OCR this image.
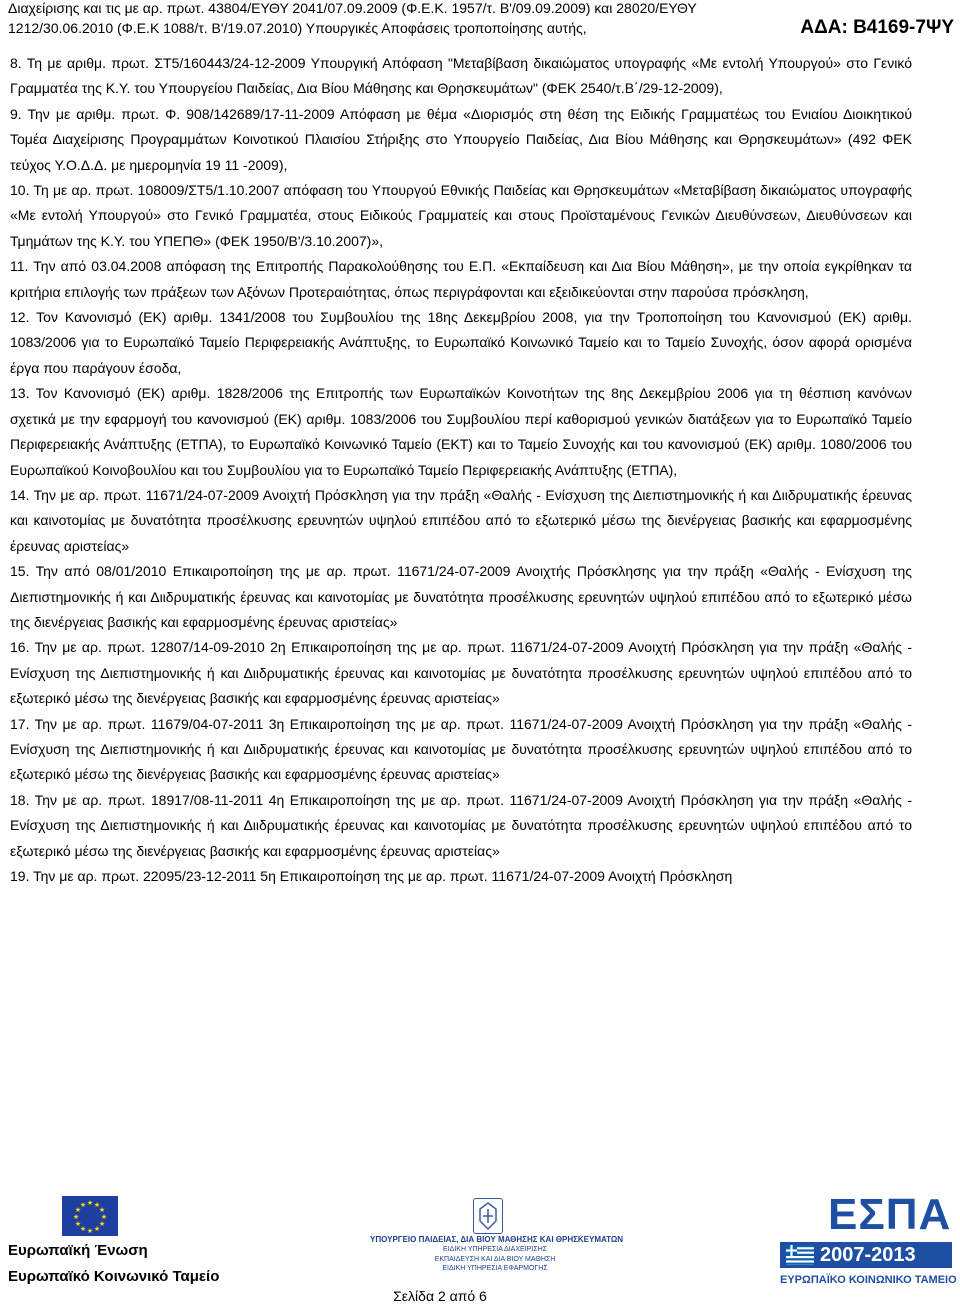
Διαχείρισης και τις με αρ. πρωτ. 43804/ΕΥΘΥ 2041/07.09.2009 (Φ.Ε.Κ. 1957/τ. Β'/09.09.2009) και 28020/ΕΥΘΥ
1212/30.06.2010 (Φ.Ε.Κ 1088/τ. Β'/19.07.2010) Υπουργικές Αποφάσεις τροποποίησης αυτής,	ΑΔΑ: Β4169-7ΨΥ

8. Τη με αριθμ. πρωτ. ΣΤ5/160443/24-12-2009 Υπουργική Απόφαση "Μεταβίβαση δικαιώματος υπογραφής «Με εντολή Υπουργού» στο Γενικό Γραμματέα της Κ.Υ. του Υπουργείου Παιδείας, Δια Βίου Μάθησης και Θρησκευμάτων" (ΦΕΚ 2540/τ.Β΄/29-12-2009),

9. Την με αριθμ. πρωτ. Φ. 908/142689/17-11-2009 Απόφαση με θέμα «Διορισμός στη θέση της Ειδικής Γραμματέως του Ενιαίου Διοικητικού Τομέα Διαχείρισης Προγραμμάτων Κοινοτικού Πλαισίου Στήριξης στο Υπουργείο Παιδείας, Δια Βίου Μάθησης και Θρησκευμάτων» (492 ΦΕΚ τεύχος Υ.Ο.Δ.Δ. με ημερομηνία 19 11 -2009),

10. Τη με αρ. πρωτ. 108009/ΣΤ5/1.10.2007 απόφαση του Υπουργού Εθνικής Παιδείας και Θρησκευμάτων «Μεταβίβαση δικαιώματος υπογραφής «Με εντολή Υπουργού» στο Γενικό Γραμματέα, στους Ειδικούς Γραμματείς και στους Προϊσταμένους Γενικών Διευθύνσεων, Διευθύνσεων και Τμημάτων της Κ.Υ. του ΥΠΕΠΘ» (ΦΕΚ 1950/Β'/3.10.2007)»,

11. Την από 03.04.2008 απόφαση της Επιτροπής Παρακολούθησης του Ε.Π. «Εκπαίδευση και Δια Βίου Μάθηση», με την οποία εγκρίθηκαν τα κριτήρια επιλογής των πράξεων των Αξόνων Προτεραιότητας, όπως περιγράφονται και εξειδικεύονται στην παρούσα πρόσκληση,

12. Τον Κανονισμό (ΕΚ) αριθμ. 1341/2008 του Συμβουλίου της 18ης Δεκεμβρίου 2008, για την Τροποποίηση του Κανονισμού (ΕΚ) αριθμ. 1083/2006 για το Ευρωπαϊκό Ταμείο Περιφερειακής Ανάπτυξης, το Ευρωπαϊκό Κοινωνικό Ταμείο και το Ταμείο Συνοχής, όσον αφορά ορισμένα έργα που παράγουν έσοδα,

13. Τον Κανονισμό (ΕΚ) αριθμ. 1828/2006 της Επιτροπής των Ευρωπαϊκών Κοινοτήτων της 8ης Δεκεμβρίου 2006 για τη θέσπιση κανόνων σχετικά με την εφαρμογή του κανονισμού (ΕΚ) αριθμ. 1083/2006 του Συμβουλίου περί καθορισμού γενικών διατάξεων για το Ευρωπαϊκό Ταμείο Περιφερειακής Ανάπτυξης (ΕΤΠΑ), το Ευρωπαϊκό Κοινωνικό Ταμείο (ΕΚΤ) και το Ταμείο Συνοχής και του κανονισμού (ΕΚ) αριθμ. 1080/2006 του Ευρωπαϊκού Κοινοβουλίου και του Συμβουλίου για το Ευρωπαϊκό Ταμείο Περιφερειακής Ανάπτυξης (ΕΤΠΑ),

14. Την με αρ. πρωτ. 11671/24-07-2009 Ανοιχτή Πρόσκληση για την πράξη «Θαλής - Ενίσχυση της Διεπιστημονικής ή και Διιδρυματικής έρευνας και καινοτομίας με δυνατότητα προσέλκυσης ερευνητών υψηλού επιπέδου από το εξωτερικό μέσω της διενέργειας βασικής και εφαρμοσμένης έρευνας αριστείας»

15. Την από 08/01/2010 Επικαιροποίηση της με αρ. πρωτ. 11671/24-07-2009 Ανοιχτής Πρόσκλησης για την πράξη «Θαλής - Ενίσχυση της Διεπιστημονικής ή και Διιδρυματικής έρευνας και καινοτομίας με δυνατότητα προσέλκυσης ερευνητών υψηλού επιπέδου από το εξωτερικό μέσω της διενέργειας βασικής και εφαρμοσμένης έρευνας αριστείας»

16. Την με αρ. πρωτ. 12807/14-09-2010 2η Επικαιροποίηση της με αρ. πρωτ. 11671/24-07-2009 Ανοιχτή Πρόσκληση για την πράξη «Θαλής - Ενίσχυση της Διεπιστημονικής ή και Διιδρυματικής έρευνας και καινοτομίας με δυνατότητα προσέλκυσης ερευνητών υψηλού επιπέδου από το εξωτερικό μέσω της διενέργειας βασικής και εφαρμοσμένης έρευνας αριστείας»

17. Την με αρ. πρωτ. 11679/04-07-2011 3η Επικαιροποίηση της με αρ. πρωτ. 11671/24-07-2009 Ανοιχτή Πρόσκληση για την πράξη «Θαλής - Ενίσχυση της Διεπιστημονικής ή και Διιδρυματικής έρευνας και καινοτομίας με δυνατότητα προσέλκυσης ερευνητών υψηλού επιπέδου από το εξωτερικό μέσω της διενέργειας βασικής και εφαρμοσμένης έρευνας αριστείας»

18. Την με αρ. πρωτ. 18917/08-11-2011 4η Επικαιροποίηση της με αρ. πρωτ. 11671/24-07-2009 Ανοιχτή Πρόσκληση για την πράξη «Θαλής - Ενίσχυση της Διεπιστημονικής ή και Διιδρυματικής έρευνας και καινοτομίας με δυνατότητα προσέλκυσης ερευνητών υψηλού επιπέδου από το εξωτερικό μέσω της διενέργειας βασικής και εφαρμοσμένης έρευνας αριστείας»

19. Την με αρ. πρωτ. 22095/23-12-2011 5η Επικαιροποίηση της με αρ. πρωτ. 11671/24-07-2009 Ανοιχτή Πρόσκληση

★ ★
★
★
★
★
★
★
★
★
★
★
Ευρωπαϊκή Ένωση
Ευρωπαϊκό Κοινωνικό Ταμείο
ΥΠΟΥΡΓΕΙΟ ΠΑΙΔΕΙΑΣ, ΔΙΑ ΒΙΟΥ ΜΑΘΗΣΗΣ ΚΑΙ ΘΡΗΣΚΕΥΜΑΤΩΝ
ΕΙΔΙΚΗ ΥΠΗΡΕΣΙΑ ΔΙΑΧΕΙΡΙΣΗΣ
ΕΚΠΑΙΔΕΥΣΗ ΚΑΙ ΔΙΑ ΒΙΟΥ ΜΑΘΗΣΗ
ΕΙΔΙΚΗ ΥΠΗΡΕΣΙΑ ΕΦΑΡΜΟΓΗΣ
ΕΣΠΑ
2007-2013
ΕΥΡΩΠΑΪΚΟ ΚΟΙΝΩΝΙΚΟ ΤΑΜΕΙΟ
Σελίδα 2 από 6
